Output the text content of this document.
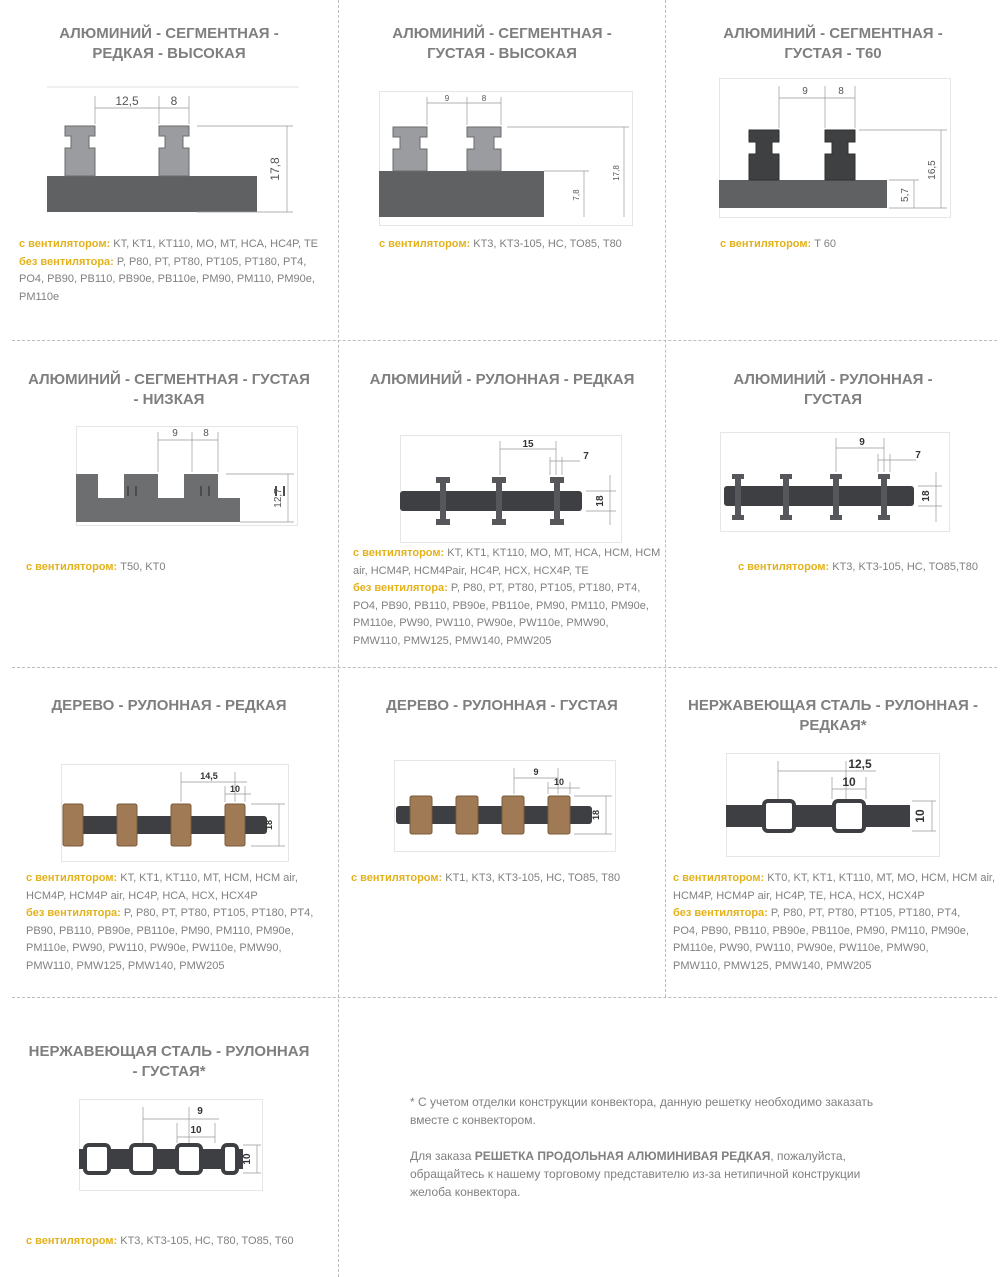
АЛЮМИНИЙ - СЕГМЕНТНАЯ -
РЕДКАЯ - ВЫСОКАЯ
12,5	8
17,8
с вентилятором: KT, KT1, KT110, MO, MT, HCA, HC4P, TE
без вентилятора: P, P80, PT, PT80, PT105, PT180, PT4,
PO4, PB90, PB110, PB90e, PB110e, PM90, PM110, PM90e,
PM110e
АЛЮМИНИЙ - СЕГМЕНТНАЯ -
ГУСТАЯ - ВЫСОКАЯ
9	8
7,8
17,8
с вентилятором: KT3, KT3-105, HC, TO85, T80
АЛЮМИНИЙ - СЕГМЕНТНАЯ -
ГУСТАЯ - Т60
9	8
16,5
5,7
с вентилятором: T 60
АЛЮМИНИЙ - СЕГМЕНТНАЯ - ГУСТАЯ
- НИЗКАЯ
9	8
12,7
с вентилятором: T50, KT0
АЛЮМИНИЙ - РУЛОННАЯ - РЕДКАЯ
15
7
18
с вентилятором: KT, KT1, KT110, MO, MT, HCA, HCM, HCM
air, HCM4P, HCM4Pair, HC4P, HCX, HCX4P, TE
без вентилятора: P, P80, PT, PT80, PT105, PT180, PT4,
PO4, PB90, PB110, PB90e, PB110e, PM90, PM110, PM90e,
PM110e, PW90, PW110, PW90e, PW110e, PMW90,
PMW110, PMW125, PMW140, PMW205
АЛЮМИНИЙ - РУЛОННАЯ -
ГУСТАЯ
9
7
18
с вентилятором: KT3, KT3-105, HC, TO85,T80
ДЕРЕВО - РУЛОННАЯ - РЕДКАЯ
14,5
10
18
с вентилятором: KT, KT1, KT110, MT, HCM, HCM air,
HCM4P, HCM4P air, HC4P, HCA, HCX, HCX4P
без вентилятора: P, P80, PT, PT80, PT105, PT180, PT4,
PB90, PB110, PB90e, PB110e, PM90, PM110, PM90e,
PM110e, PW90, PW110, PW90e, PW110e, PMW90,
PMW110, PMW125, PMW140, PMW205
ДЕРЕВО - РУЛОННАЯ - ГУСТАЯ
9
10
18
с вентилятором: KT1, KT3, KT3-105, HC, TO85, T80
НЕРЖАВЕЮЩАЯ СТАЛЬ - РУЛОННАЯ -
РЕДКАЯ*
12,5
10
10
с вентилятором: KT0, KT, KT1, KT110, MT, MO, HCM, HCM air,
HCM4P, HCM4P air, HC4P, TE, HCA, HCX, HCX4P
без вентилятора: P, P80, PT, PT80, PT105, PT180, PT4,
PO4, PB90, PB110, PB90e, PB110e, PM90, PM110, PM90e,
PM110e, PW90, PW110, PW90e, PW110e, PMW90,
PMW110, PMW125, PMW140, PMW205
НЕРЖАВЕЮЩАЯ СТАЛЬ - РУЛОННАЯ
- ГУСТАЯ*
9
10
10
с вентилятором: KT3, KT3-105, HC, T80, TO85, T60
* С учетом отделки конструкции конвектора, данную решетку необходимо заказать
вместе с конвектором.
Для заказа РЕШЕТКА ПРОДОЛЬНАЯ АЛЮМИНИВАЯ РЕДКАЯ, пожалуйста,
обращайтесь к нашему торговому представителю из-за нетипичной конструкции
желоба конвектора.
